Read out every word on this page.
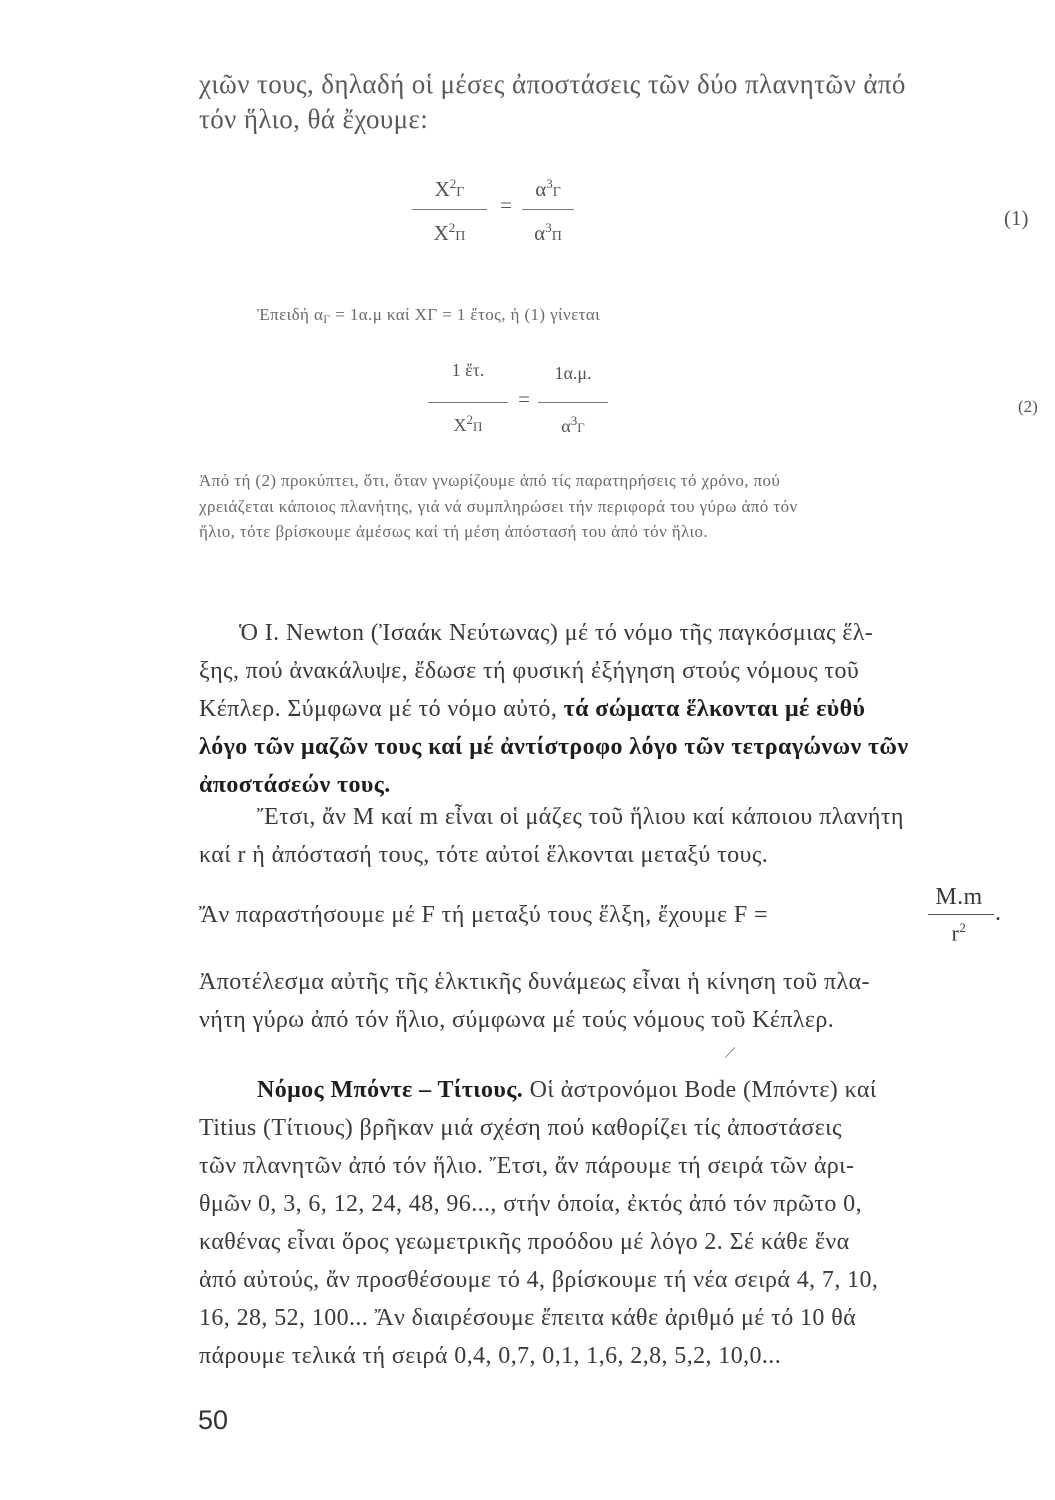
χιῶν τους, δηλαδή οἱ μέσες ἀποστάσεις τῶν δύο πλανητῶν ἀπό
τόν ἥλιο, θά ἔχουμε:
$X^2\Gamma$
$X^2\Pi$
=
$\alpha^3\Gamma$
$\alpha^3\Pi$
(1)
Ἐπειδή αΓ = 1α.μ καί XΓ = 1 ἔτος, ἡ (1) γίνεται
1 ἔτ.
$X^2\Pi$
=
1α.μ.
$\alpha^3\Gamma$
(2)
Ἀπό τή (2) προκύπτει, ὅτι, ὅταν γνωρίζουμε ἀπό τίς παρατηρήσεις τό χρόνο, πού
χρειάζεται κάποιος πλανήτης, γιά νά συμπληρώσει τήν περιφορά του γύρω ἀπό τόν
ἥλιο, τότε βρίσκουμε ἀμέσως καί τή μέση ἀπόστασή του ἀπό τόν ἥλιο.
Ὁ I. Newton (Ἰσαάκ Νεύτωνας) μέ τό νόμο τῆς παγκόσμιας ἕλ-
ξης, πού ἀνακάλυψε, ἔδωσε τή φυσική ἐξήγηση στούς νόμους τοῦ
Κέπλερ. Σύμφωνα μέ τό νόμο αὐτό, τά σώματα ἕλκονται μέ εὐθύ
λόγο τῶν μαζῶν τους καί μέ ἀντίστροφο λόγο τῶν τετραγώνων τῶν
ἀποστάσεών τους.
Ἔτσι, ἄν M καί m εἶναι οἱ μάζες τοῦ ἥλιου καί κάποιου πλανήτη
καί r ἡ ἀπόστασή τους, τότε αὐτοί ἕλκονται μεταξύ τους.
Ἄν παραστήσουμε μέ F τή μεταξύ τους ἕλξη, ἔχουμε F =
M.m
$r^2$
.
Ἀποτέλεσμα αὐτῆς τῆς ἑλκτικῆς δυνάμεως εἶναι ἡ κίνηση τοῦ πλα-
νήτη γύρω ἀπό τόν ἥλιο, σύμφωνα μέ τούς νόμους τοῦ Κέπλερ.
Νόμος Μπόντε – Τίτιους. Οἱ ἀστρονόμοι Bode (Μπόντε) καί
Titius (Τίτιους) βρῆκαν μιά σχέση πού καθορίζει τίς ἀποστάσεις
τῶν πλανητῶν ἀπό τόν ἥλιο. Ἔτσι, ἄν πάρουμε τή σειρά τῶν ἀρι-
θμῶν 0, 3, 6, 12, 24, 48, 96..., στήν ὁποία, ἐκτός ἀπό τόν πρῶτο 0,
καθένας εἶναι ὅρος γεωμετρικῆς προόδου μέ λόγο 2. Σέ κάθε ἕνα
ἀπό αὐτούς, ἄν προσθέσουμε τό 4, βρίσκουμε τή νέα σειρά 4, 7, 10,
16, 28, 52, 100... Ἄν διαιρέσουμε ἔπειτα κάθε ἀριθμό μέ τό 10 θά
πάρουμε τελικά τή σειρά 0,4, 0,7, 0,1, 1,6, 2,8, 5,2, 10,0...
50
